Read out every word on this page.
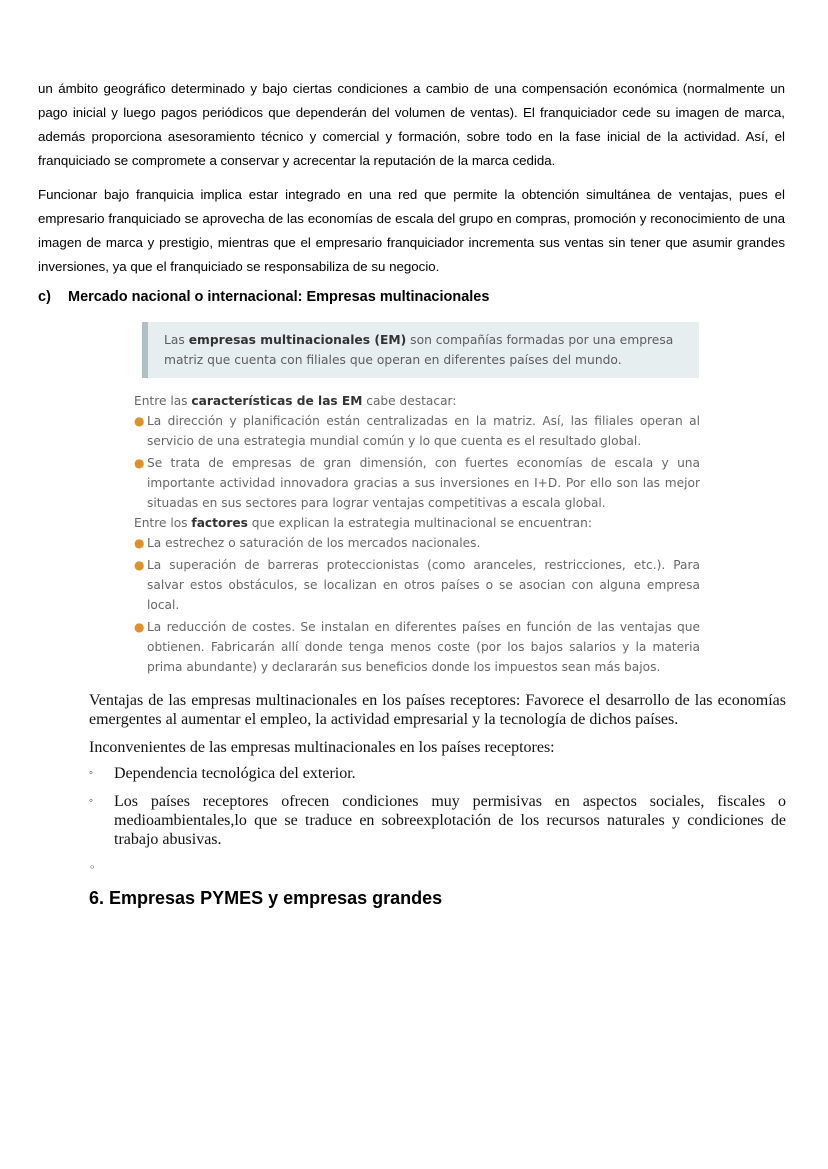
un ámbito geográfico determinado y bajo ciertas condiciones a cambio de una compensación económica (normalmente un pago inicial y luego pagos periódicos que dependerán del volumen de ventas). El franquiciador cede su imagen de marca, además proporciona asesoramiento técnico y comercial y formación, sobre todo en la fase inicial de la actividad. Así, el franquiciado se compromete a conservar y acrecentar la reputación de la marca cedida.
Funcionar bajo franquicia implica estar integrado en una red que permite la obtención simultánea de ventajas, pues el empresario franquiciado se aprovecha de las economías de escala del grupo en compras, promoción y reconocimiento de una imagen de marca y prestigio, mientras que el empresario franquiciador incrementa sus ventas sin tener que asumir grandes inversiones, ya que el franquiciado se responsabiliza de su negocio.
c) Mercado nacional o internacional: Empresas multinacionales
Las empresas multinacionales (EM) son compañías formadas por una empresa matriz que cuenta con filiales que operan en diferentes países del mundo.
Entre las características de las EM cabe destacar:
● La dirección y planificación están centralizadas en la matriz. Así, las filiales operan al servicio de una estrategia mundial común y lo que cuenta es el resultado global.
● Se trata de empresas de gran dimensión, con fuertes economías de escala y una importante actividad innovadora gracias a sus inversiones en I+D. Por ello son las mejor situadas en sus sectores para lograr ventajas competitivas a escala global.
Entre los factores que explican la estrategia multinacional se encuentran:
● La estrechez o saturación de los mercados nacionales.
● La superación de barreras proteccionistas (como aranceles, restricciones, etc.). Para salvar estos obstáculos, se localizan en otros países o se asocian con alguna empresa local.
● La reducción de costes. Se instalan en diferentes países en función de las ventajas que obtienen. Fabricarán allí donde tenga menos coste (por los bajos salarios y la materia prima abundante) y declararán sus beneficios donde los impuestos sean más bajos.
Ventajas de las empresas multinacionales en los países receptores: Favorece el desarrollo de las economías emergentes al aumentar el empleo, la actividad empresarial y la tecnología de dichos países.
Inconvenientes de las empresas multinacionales en los países receptores:
◦ Dependencia tecnológica del exterior.
◦ Los países receptores ofrecen condiciones muy permisivas en aspectos sociales, fiscales o medioambientales,lo que se traduce en sobreexplotación de los recursos naturales y condiciones de trabajo abusivas.
◦
6. Empresas PYMES y empresas grandes
